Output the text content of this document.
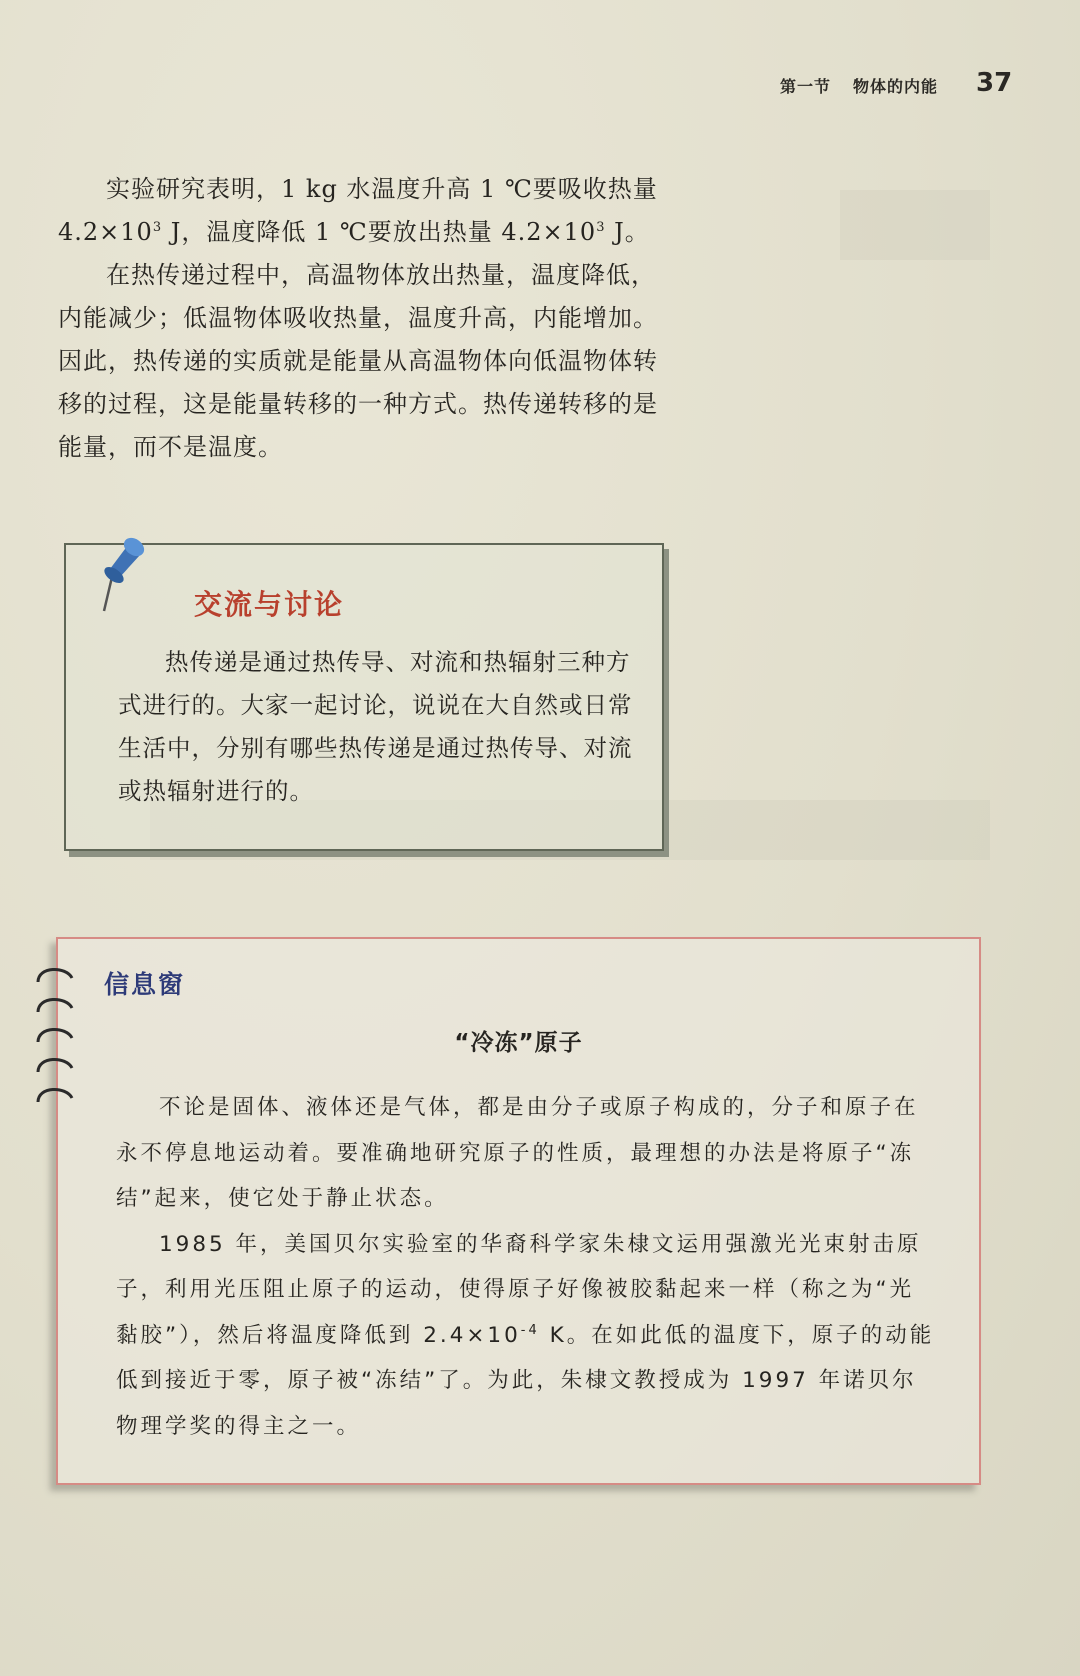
第一节 物体的内能 37

实验研究表明，1 kg 水温度升高 1 ℃要吸收热量 $4.2\times 10^3$ J，温度降低 1 ℃要放出热量 $4.2\times 10^3$ J。

在热传递过程中，高温物体放出热量，温度降低，内能减少；低温物体吸收热量，温度升高，内能增加。因此，热传递的实质就是能量从高温物体向低温物体转移的过程，这是能量转移的一种方式。热传递转移的是能量，而不是温度。

交流与讨论

热传递是通过热传导、对流和热辐射三种方式进行的。大家一起讨论，说说在大自然或日常生活中，分别有哪些热传递是通过热传导、对流或热辐射进行的。

信息窗
“冷冻”原子

不论是固体、液体还是气体，都是由分子或原子构成的，分子和原子在永不停息地运动着。要准确地研究原子的性质，最理想的办法是将原子“冻结”起来，使它处于静止状态。

1985 年，美国贝尔实验室的华裔科学家朱棣文运用强激光光束射击原子，利用光压阻止原子的运动，使得原子好像被胶黏起来一样（称之为“光黏胶”），然后将温度降低到 $2.4\times 10^{-4}$ K。在如此低的温度下，原子的动能低到接近于零，原子被“冻结”了。为此，朱棣文教授成为 1997 年诺贝尔物理学奖的得主之一。
